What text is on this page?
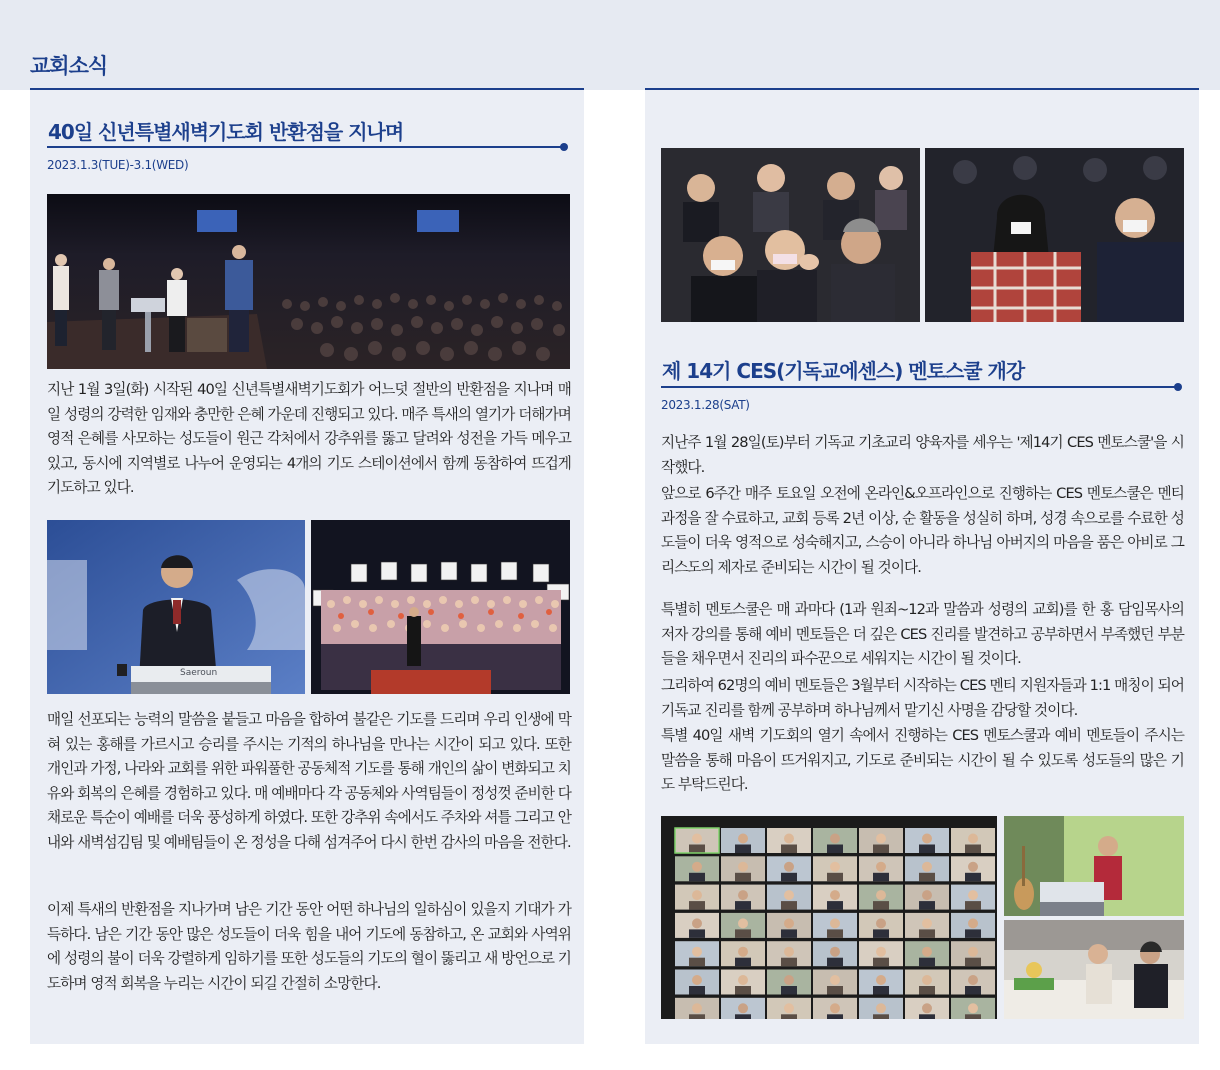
교회소식
40일 신년특별새벽기도회 반환점을 지나며
2023.1.3(TUE)-3.1(WED)
지난 1월 3일(화) 시작된 40일 신년특별새벽기도회가 어느덧 절반의 반환점을 지나며 매일 성령의 강력한 임재와 충만한 은혜 가운데 진행되고 있다. 매주 특새의 열기가 더해가며 영적 은혜를 사모하는 성도들이 원근 각처에서 강추위를 뚫고 달려와 성전을 가득 메우고 있고, 동시에 지역별로 나누어 운영되는 4개의 기도 스테이션에서 함께 동참하여 뜨겁게 기도하고 있다.
Saeroun
매일 선포되는 능력의 말씀을 붙들고 마음을 합하여 불같은 기도를 드리며 우리 인생에 막혀 있는 홍해를 가르시고 승리를 주시는 기적의 하나님을 만나는 시간이 되고 있다. 또한 개인과 가정, 나라와 교회를 위한 파워풀한 공동체적 기도를 통해 개인의 삶이 변화되고 치유와 회복의 은혜를 경험하고 있다. 매 예배마다 각 공동체와 사역팀들이 정성껏 준비한 다채로운 특순이 예배를 더욱 풍성하게 하였다. 또한 강추위 속에서도 주차와 셔틀 그리고 안내와 새벽섬김팀 및 예배팀들이 온 정성을 다해 섬겨주어 다시 한번 감사의 마음을 전한다.
이제 특새의 반환점을 지나가며 남은 기간 동안 어떤 하나님의 일하심이 있을지 기대가 가득하다. 남은 기간 동안 많은 성도들이 더욱 힘을 내어 기도에 동참하고, 온 교회와 사역위에 성령의 불이 더욱 강렬하게 임하기를 또한 성도들의 기도의 혈이 뚫리고 새 방언으로 기도하며 영적 회복을 누리는 시간이 되길 간절히 소망한다.
제 14기 CES(기독교에센스) 멘토스쿨 개강
2023.1.28(SAT)
지난주 1월 28일(토)부터 기독교 기초교리 양육자를 세우는 '제14기 CES 멘토스쿨'을 시작했다.
앞으로 6주간 매주 토요일 오전에 온라인&오프라인으로 진행하는 CES 멘토스쿨은 멘티 과정을 잘 수료하고, 교회 등록 2년 이상, 순 활동을 성실히 하며, 성경 속으로를 수료한 성도들이 더욱 영적으로 성숙해지고, 스승이 아니라 하나님 아버지의 마음을 품은 아비로 그리스도의 제자로 준비되는 시간이 될 것이다.
특별히 멘토스쿨은 매 과마다 (1과 원죄~12과 말씀과 성령의 교회)를 한 홍 담임목사의 저자 강의를 통해 예비 멘토들은 더 깊은 CES 진리를 발견하고 공부하면서 부족했던 부분들을 채우면서 진리의 파수꾼으로 세워지는 시간이 될 것이다.
그리하여 62명의 예비 멘토들은 3월부터 시작하는 CES 멘티 지원자들과 1:1 매칭이 되어 기독교 진리를 함께 공부하며 하나님께서 맡기신 사명을 감당할 것이다.
특별 40일 새벽 기도회의 열기 속에서 진행하는 CES 멘토스쿨과 예비 멘토들이 주시는 말씀을 통해 마음이 뜨거워지고, 기도로 준비되는 시간이 될 수 있도록 성도들의 많은 기도 부탁드린다.
